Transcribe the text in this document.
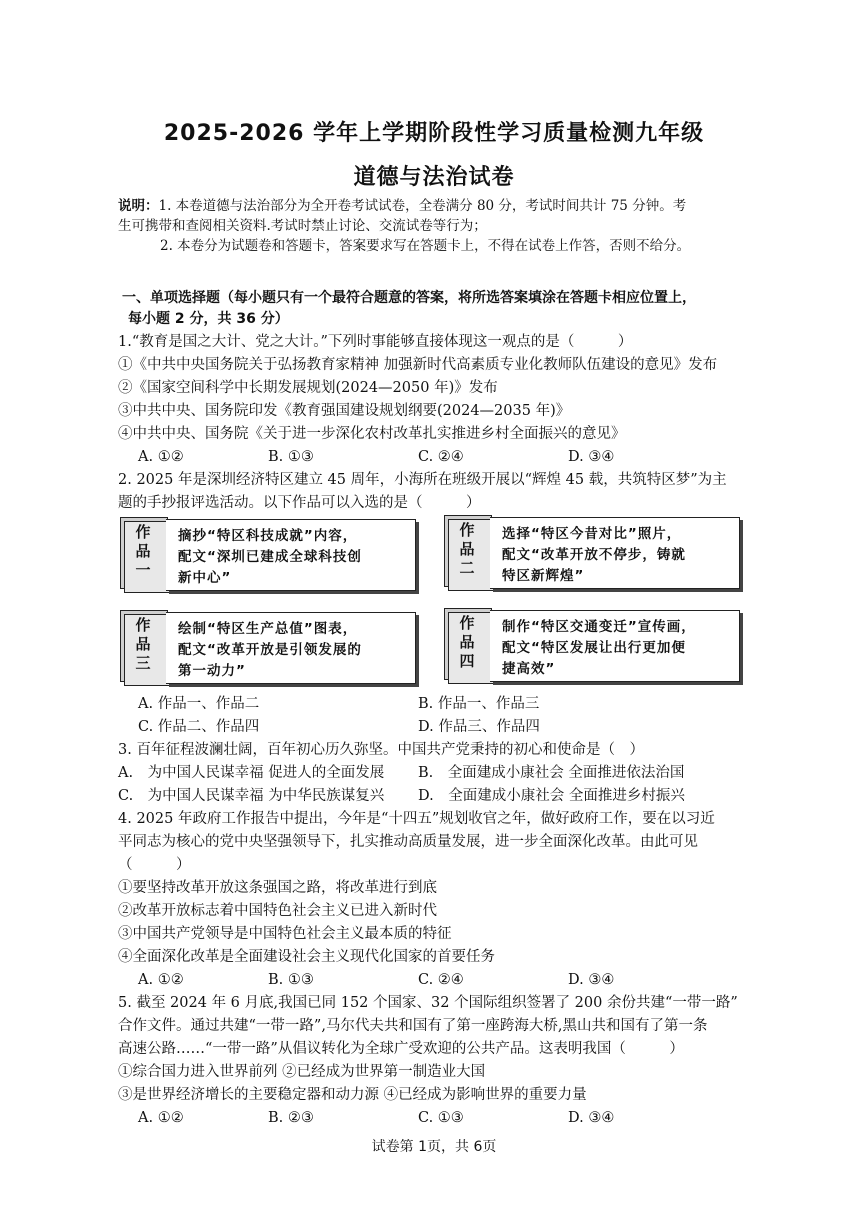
2025-2026 学年上学期阶段性学习质量检测九年级
道德与法治试卷
说明：1. 本卷道德与法治部分为全开卷考试试卷，全卷满分 80 分，考试时间共计 75 分钟。考
生可携带和查阅相关资料.考试时禁止讨论、交流试卷等行为；
2. 本卷分为试题卷和答题卡，答案要求写在答题卡上，不得在试卷上作答，否则不给分。
一、单项选择题（每小题只有一个最符合题意的答案，将所选答案填涂在答题卡相应位置上，
每小题 2 分，共 36 分）
1.“教育是国之大计、党之大计。”下列时事能够直接体现这一观点的是（　　　）
①《中共中央国务院关于弘扬教育家精神 加强新时代高素质专业化教师队伍建设的意见》发布
②《国家空间科学中长期发展规划(2024—2050 年)》发布
③中共中央、国务院印发《教育强国建设规划纲要(2024—2035 年)》
④中共中央、国务院《关于进一步深化农村改革扎实推进乡村全面振兴的意见》
A. ①②	B. ①③	C. ②④	D. ③④
2. 2025 年是深圳经济特区建立 45 周年，小海所在班级开展以“辉煌 45 载，共筑特区梦”为主
题的手抄报评选活动。以下作品可以入选的是（　　　）
作品一
摘抄“特区科技成就”内容，
配文“深圳已建成全球科技创
新中心”
作品二
选择“特区今昔对比”照片，
配文“改革开放不停步，铸就
特区新辉煌”
作品三
绘制“特区生产总值”图表，
配文“改革开放是引领发展的
第一动力”
作品四
制作“特区交通变迁”宣传画，
配文“特区发展让出行更加便
捷高效”
A. 作品一、作品二	B. 作品一、作品三
C. 作品二、作品四	D. 作品三、作品四
3. 百年征程波澜壮阔，百年初心历久弥坚。中国共产党秉持的初心和使命是（　）
A.　为中国人民谋幸福 促进人的全面发展 B.　全面建成小康社会 全面推进依法治国
C.　为中国人民谋幸福 为中华民族谋复兴 D.　全面建成小康社会 全面推进乡村振兴
4. 2025 年政府工作报告中提出，今年是“十四五”规划收官之年，做好政府工作，要在以习近
平同志为核心的党中央坚强领导下，扎实推动高质量发展，进一步全面深化改革。由此可见
（　　　）
①要坚持改革开放这条强国之路，将改革进行到底
②改革开放标志着中国特色社会主义已进入新时代
③中国共产党领导是中国特色社会主义最本质的特征
④全面深化改革是全面建设社会主义现代化国家的首要任务
A. ①②	B. ①③	C. ②④	D. ③④
5. 截至 2024 年 6 月底,我国已同 152 个国家、32 个国际组织签署了 200 余份共建“一带一路”
合作文件。通过共建“一带一路”,马尔代夫共和国有了第一座跨海大桥,黑山共和国有了第一条
高速公路……“一带一路”从倡议转化为全球广受欢迎的公共产品。这表明我国（　　　）
①综合国力进入世界前列 ②已经成为世界第一制造业大国
③是世界经济增长的主要稳定器和动力源 ④已经成为影响世界的重要力量
A. ①②	B. ②③	C. ①③	D. ③④
试卷第 1页，共 6页
